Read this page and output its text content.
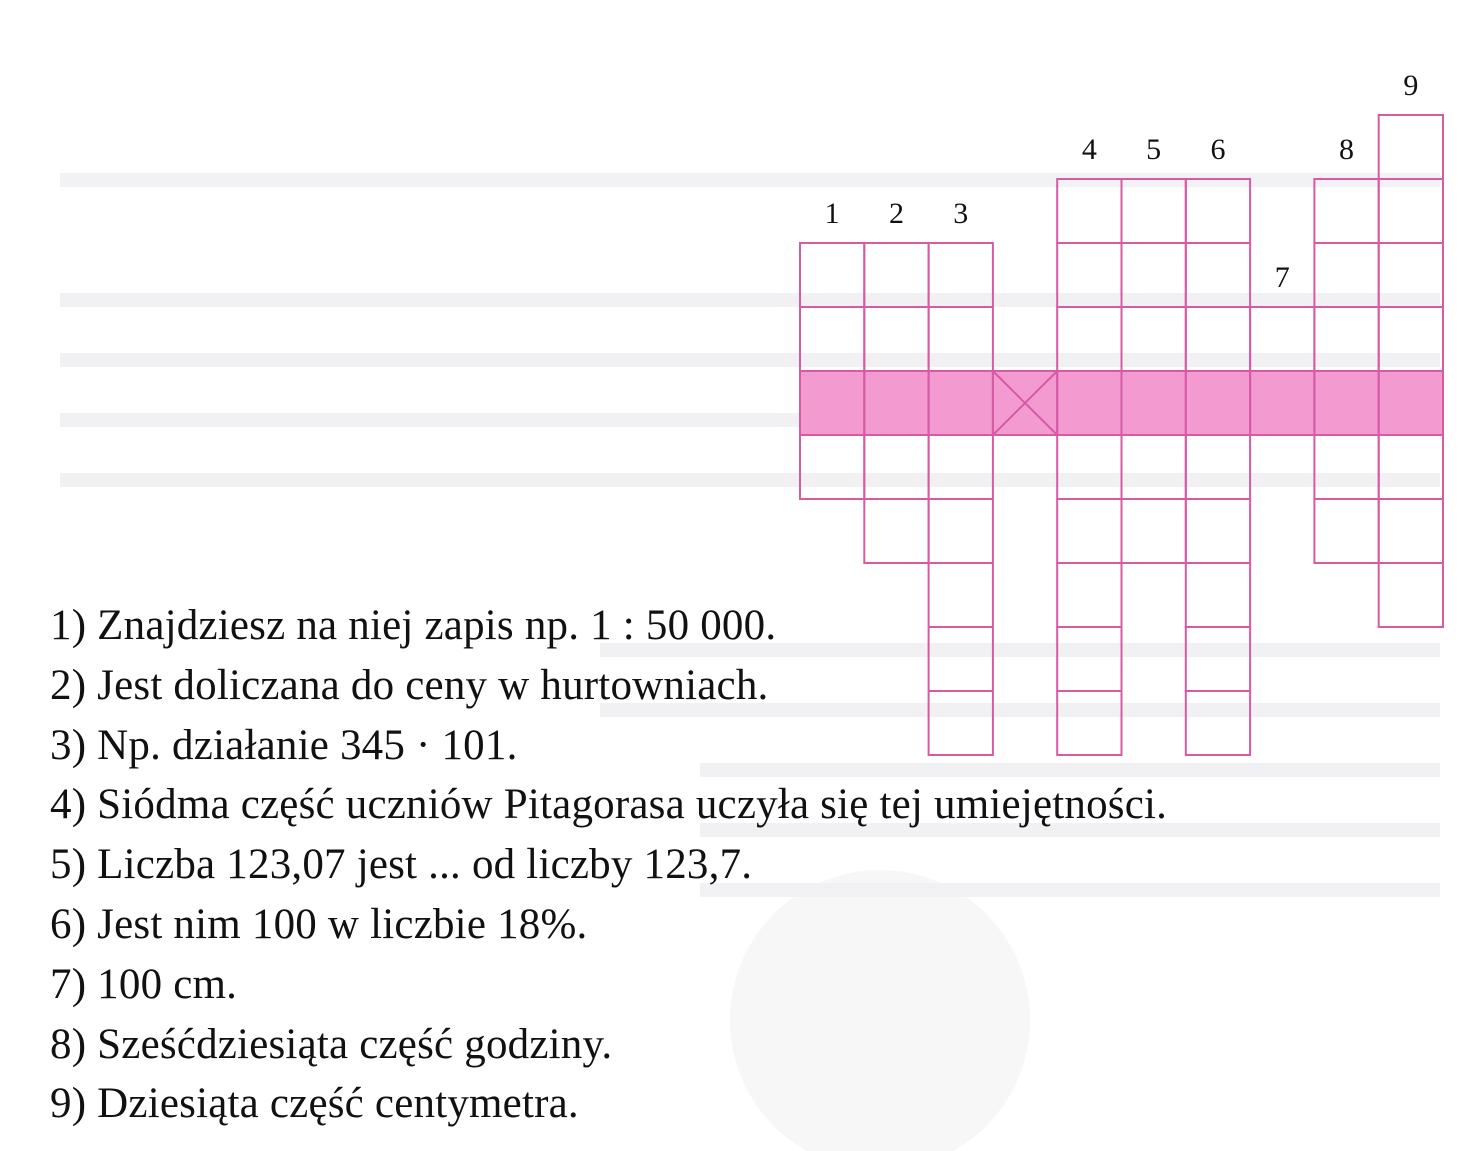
1 2 3
4 5 6
7
8
9
1) Znajdziesz na niej zapis np. 1 : 50 000.
2) Jest doliczana do ceny w hurtowniach.
3) Np. działanie 345 · 101.
4) Siódma część uczniów Pitagorasa uczyła się tej umiejętności.
5) Liczba 123,07 jest ... od liczby 123,7.
6) Jest nim 100 w liczbie 18%.
7) 100 cm.
8) Sześćdziesiąta część godziny.
9) Dziesiąta część centymetra.
